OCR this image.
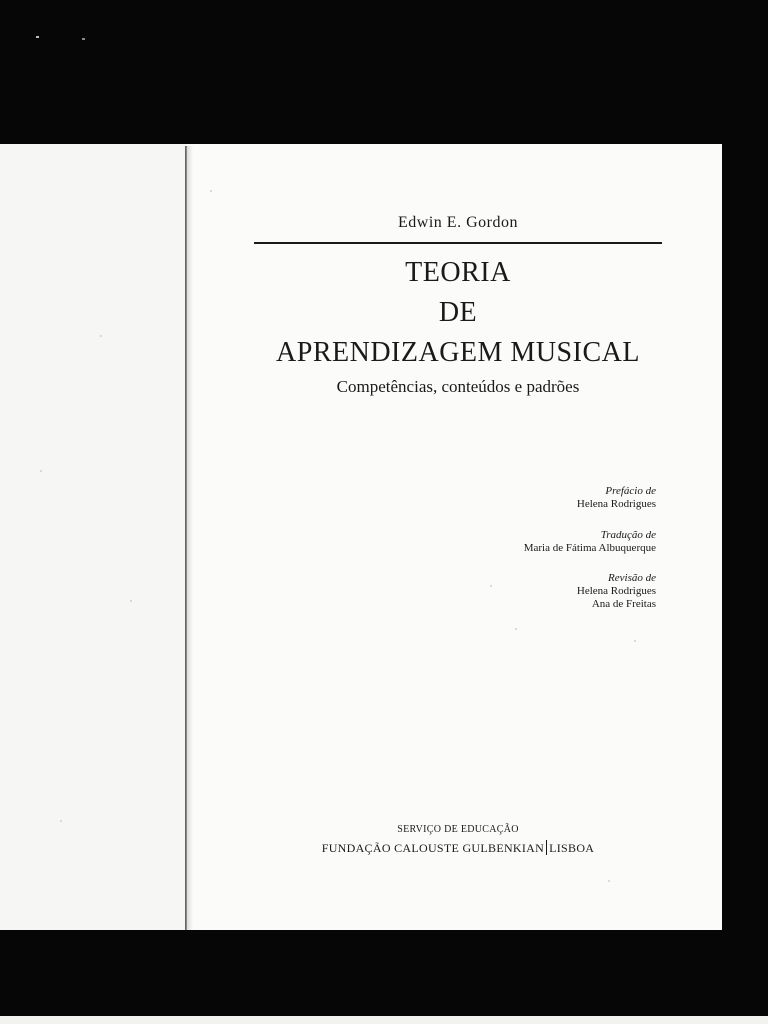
Edwin E. Gordon
TEORIA
DE
APRENDIZAGEM MUSICAL
Competências, conteúdos e padrões
Prefácio de
Helena Rodrigues
Tradução de
Maria de Fátima Albuquerque
Revisão de
Helena Rodrigues
Ana de Freitas
SERVIÇO DE EDUCAÇÃO
FUNDAÇÃO CALOUSTE GULBENKIAN LISBOA
